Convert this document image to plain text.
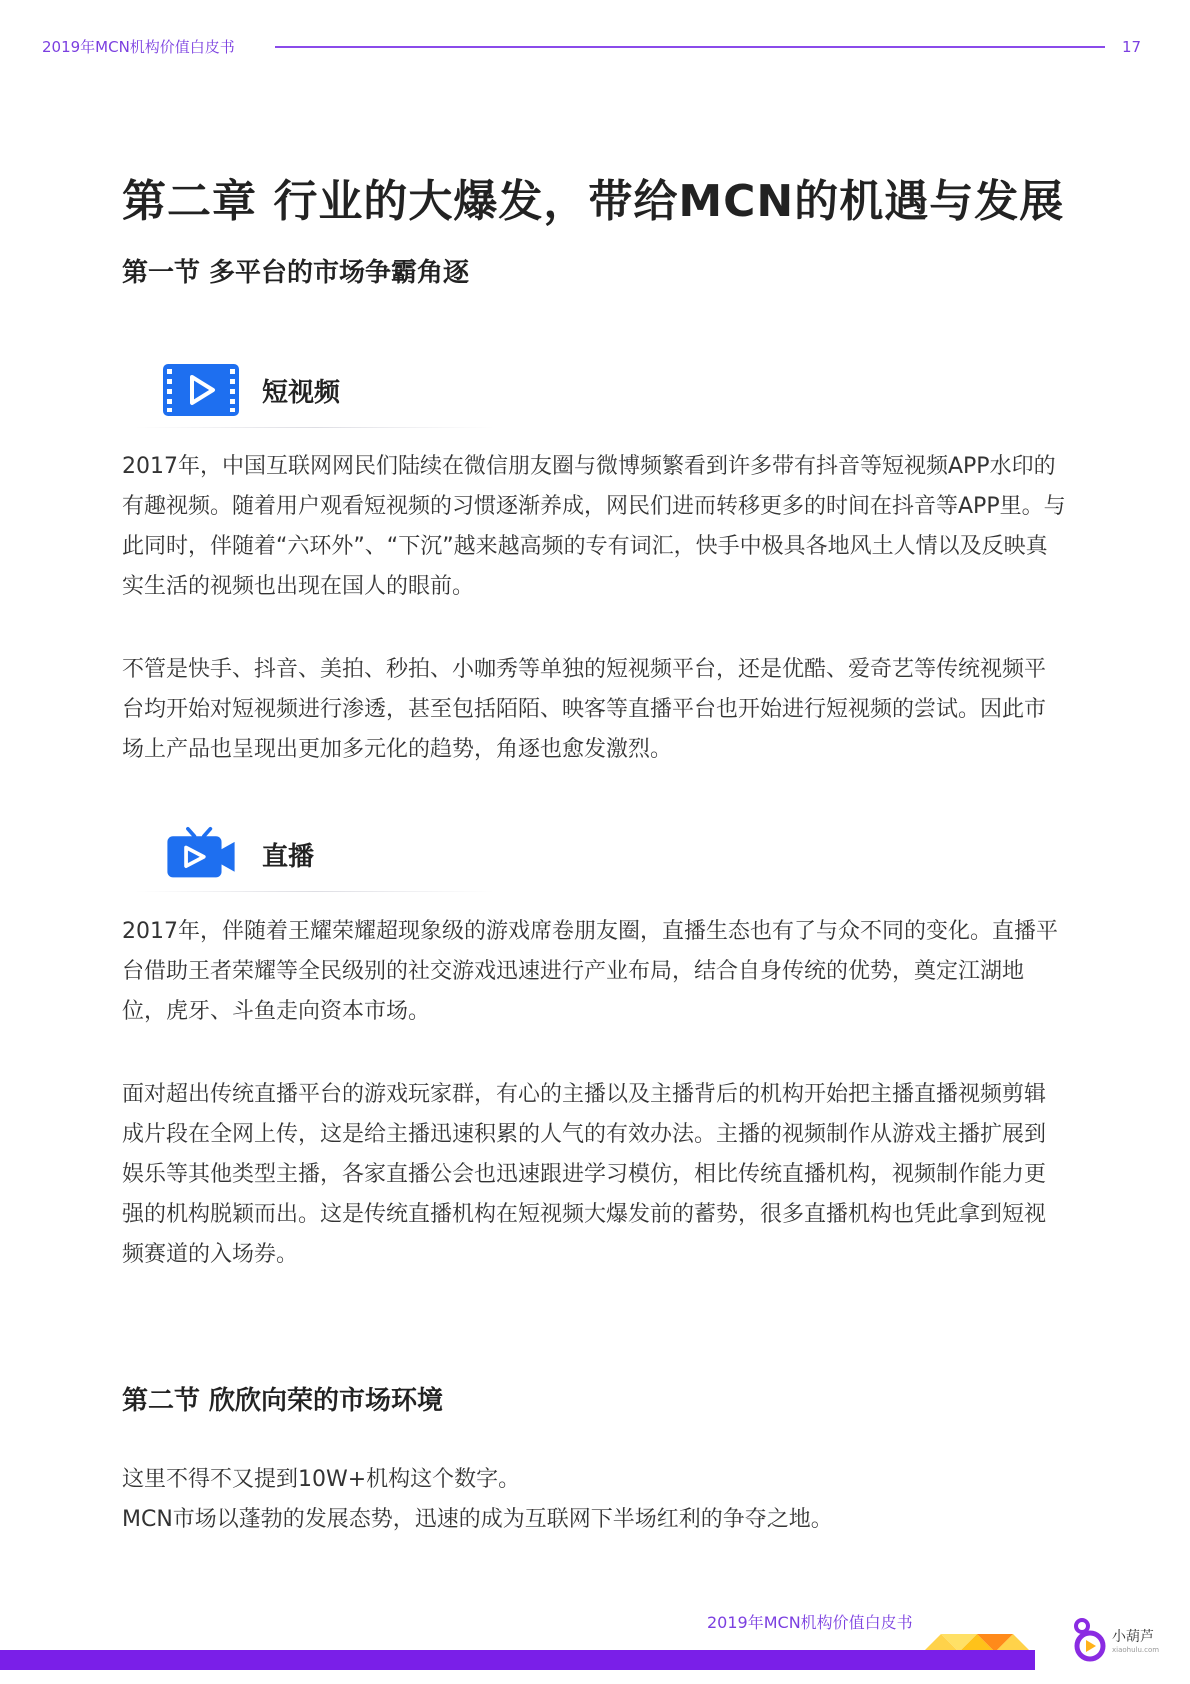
2019年MCN机构价值白皮书	17
第二章 行业的大爆发，带给MCN的机遇与发展
第一节 多平台的市场争霸角逐
短视频

2017年，中国互联网网民们陆续在微信朋友圈与微博频繁看到许多带有抖音等短视频APP水印的有趣视频。随着用户观看短视频的习惯逐渐养成，网民们进而转移更多的时间在抖音等APP里。与此同时，伴随着“六环外”、“下沉”越来越高频的专有词汇，快手中极具各地风土人情以及反映真实生活的视频也出现在国人的眼前。

不管是快手、抖音、美拍、秒拍、小咖秀等单独的短视频平台，还是优酷、爱奇艺等传统视频平台均开始对短视频进行渗透，甚至包括陌陌、映客等直播平台也开始进行短视频的尝试。因此市场上产品也呈现出更加多元化的趋势，角逐也愈发激烈。

直播

2017年，伴随着王耀荣耀超现象级的游戏席卷朋友圈，直播生态也有了与众不同的变化。直播平台借助王者荣耀等全民级别的社交游戏迅速进行产业布局，结合自身传统的优势，奠定江湖地位，虎牙、斗鱼走向资本市场。

面对超出传统直播平台的游戏玩家群，有心的主播以及主播背后的机构开始把主播直播视频剪辑成片段在全网上传，这是给主播迅速积累的人气的有效办法。主播的视频制作从游戏主播扩展到娱乐等其他类型主播，各家直播公会也迅速跟进学习模仿，相比传统直播机构，视频制作能力更强的机构脱颖而出。这是传统直播机构在短视频大爆发前的蓄势，很多直播机构也凭此拿到短视频赛道的入场券。

第二节 欣欣向荣的市场环境

这里不得不又提到10W+机构这个数字。

MCN市场以蓬勃的发展态势，迅速的成为互联网下半场红利的争夺之地。

2019年MCN机构价值白皮书
小葫芦
xiaohulu.com
